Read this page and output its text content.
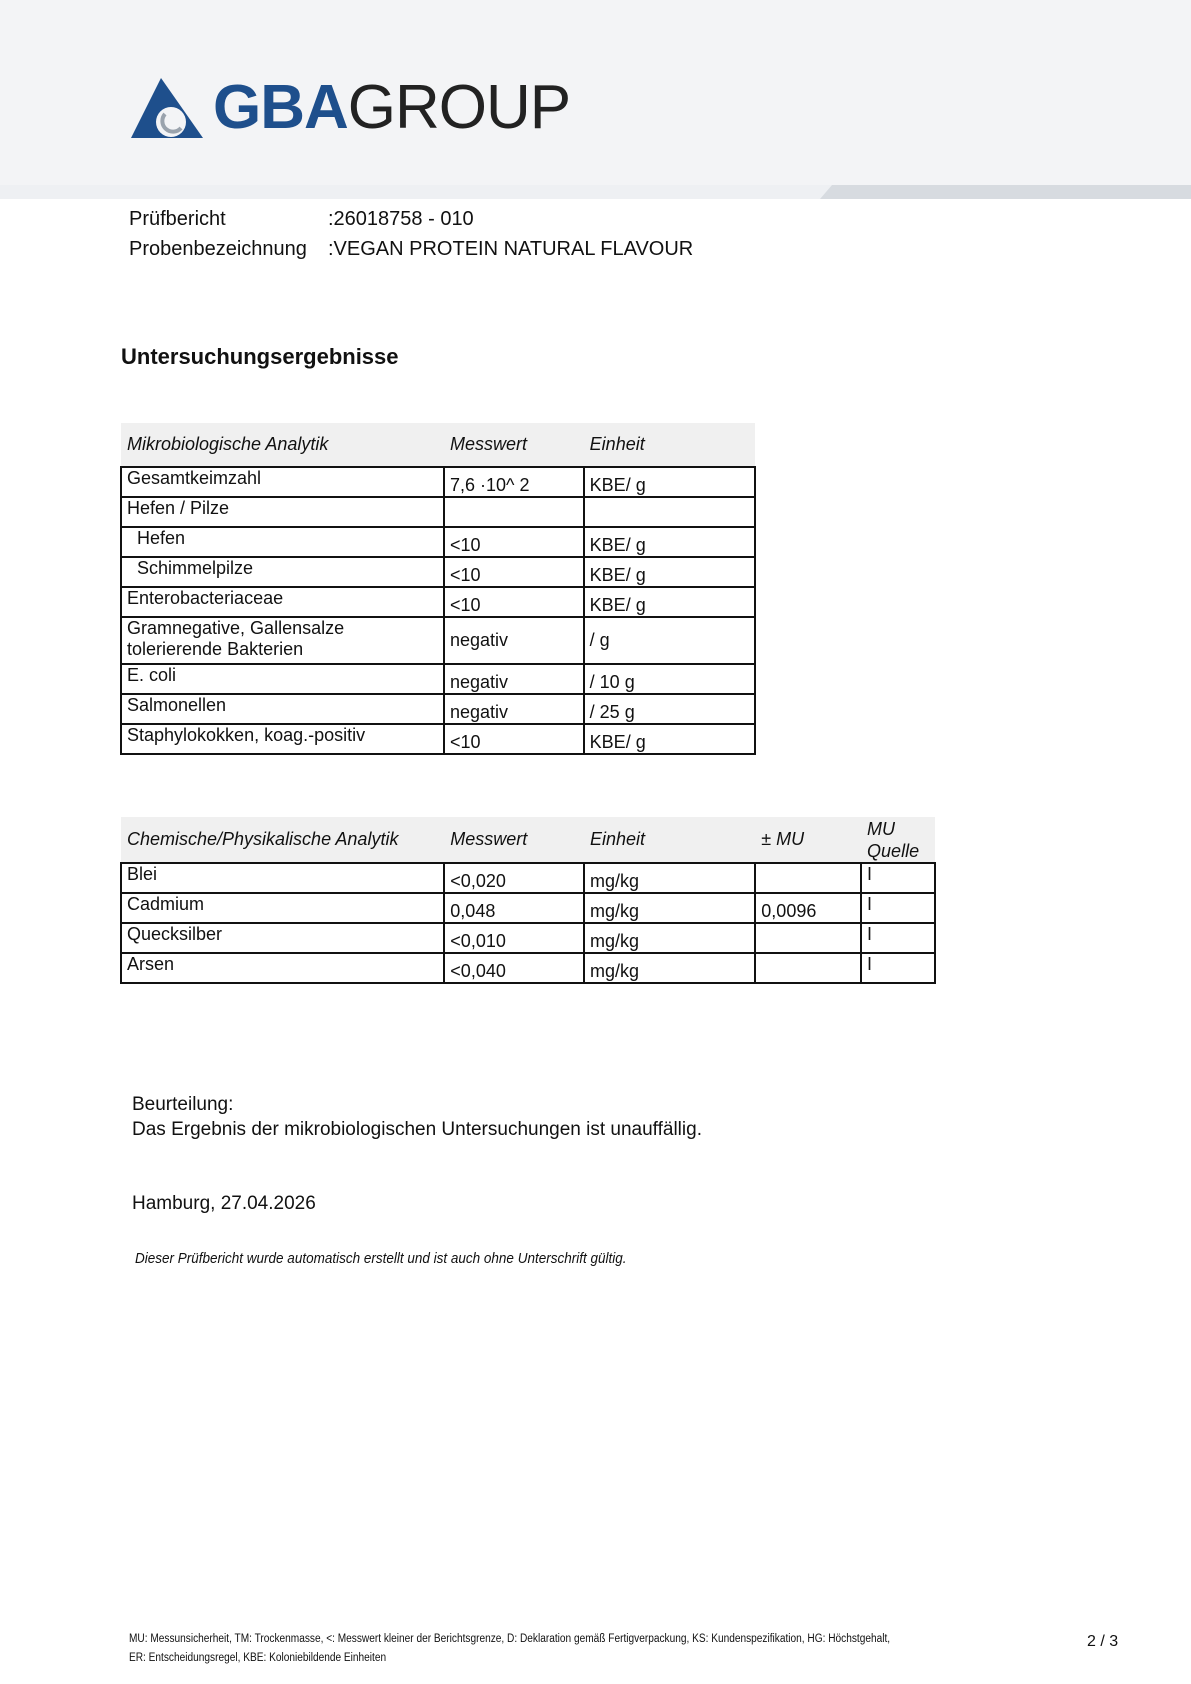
GBAGROUP
Prüfbericht	:26018758 - 010
Probenbezeichnung :VEGAN PROTEIN NATURAL FLAVOUR
Untersuchungsergebnisse
Mikrobiologische Analytik	Messwert	Einheit
Gesamtkeimzahl	7,6 ·10^ 2	KBE/ g
Hefen / Pilze		
Hefen	<10	KBE/ g
Schimmelpilze	<10	KBE/ g
Enterobacteriaceae	<10	KBE/ g
Gramnegative, Gallensalze tolerierende Bakterien	negativ	/ g
E. coli	negativ	/ 10 g
Salmonellen	negativ	/ 25 g
Staphylokokken, koag.-positiv	<10	KBE/ g
Chemische/Physikalische Analytik	Messwert	Einheit	± MU	MU Quelle
Blei	<0,020	mg/kg		I
Cadmium	0,048	mg/kg	0,0096	I
Quecksilber	<0,010	mg/kg		I
Arsen	<0,040	mg/kg		I
Beurteilung:
Das Ergebnis der mikrobiologischen Untersuchungen ist unauffällig.
Hamburg, 27.04.2026
Dieser Prüfbericht wurde automatisch erstellt und ist auch ohne Unterschrift gültig.
MU: Messunsicherheit, TM: Trockenmasse, <: Messwert kleiner der Berichtsgrenze, D: Deklaration gemäß Fertigverpackung, KS: Kundenspezifikation, HG: Höchstgehalt,
ER: Entscheidungsregel, KBE: Koloniebildende Einheiten
2 / 3
